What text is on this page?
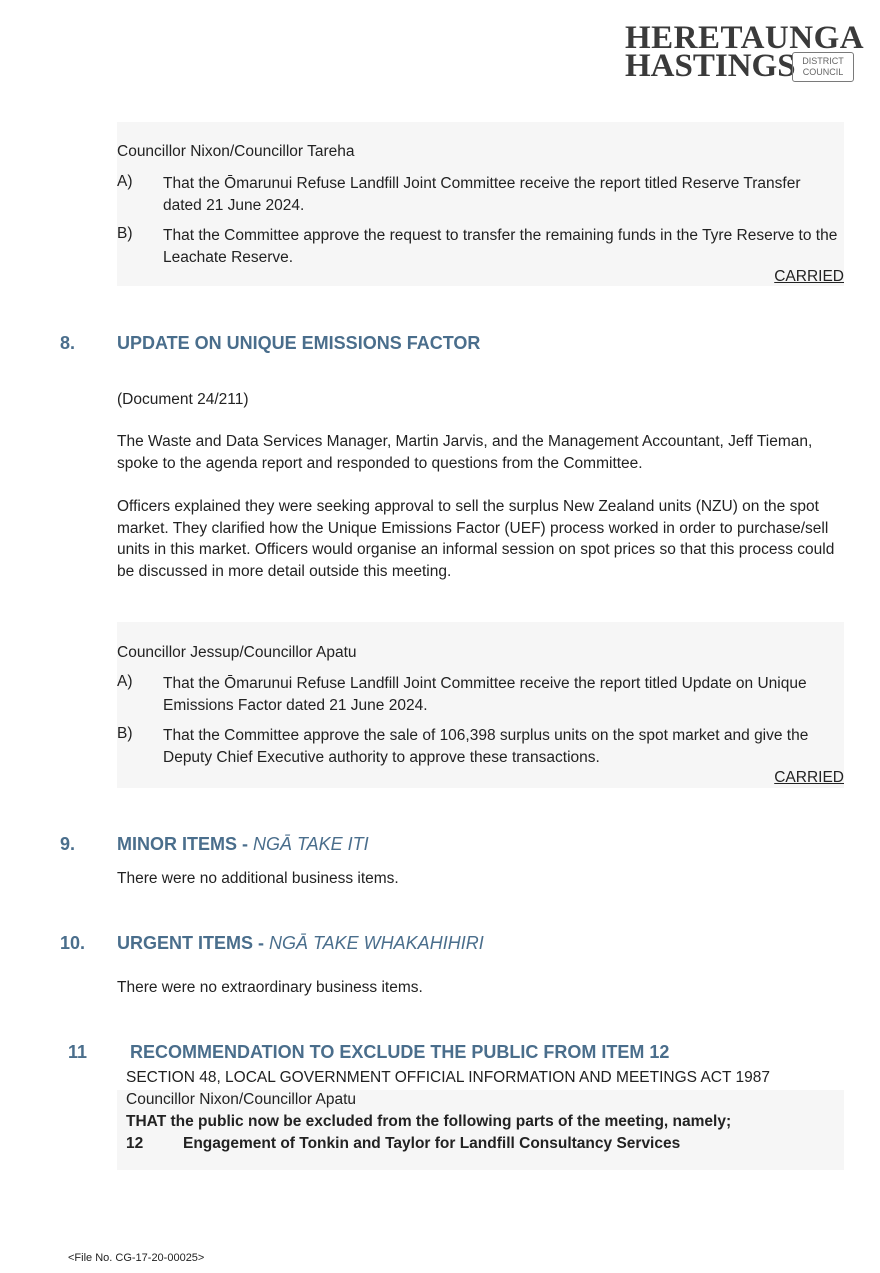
HERETAUNGA
HASTINGS DISTRICT COUNCIL
Councillor Nixon/Councillor Tareha
A) That the Ōmarunui Refuse Landfill Joint Committee receive the report titled Reserve Transfer dated 21 June 2024.
B) That the Committee approve the request to transfer the remaining funds in the Tyre Reserve to the Leachate Reserve.
CARRIED
8. UPDATE ON UNIQUE EMISSIONS FACTOR
(Document 24/211)
The Waste and Data Services Manager, Martin Jarvis, and the Management Accountant, Jeff Tieman, spoke to the agenda report and responded to questions from the Committee.
Officers explained they were seeking approval to sell the surplus New Zealand units (NZU) on the spot market. They clarified how the Unique Emissions Factor (UEF) process worked in order to purchase/sell units in this market. Officers would organise an informal session on spot prices so that this process could be discussed in more detail outside this meeting.
Councillor Jessup/Councillor Apatu
A) That the Ōmarunui Refuse Landfill Joint Committee receive the report titled Update on Unique Emissions Factor dated 21 June 2024.
B) That the Committee approve the sale of 106,398 surplus units on the spot market and give the Deputy Chief Executive authority to approve these transactions.
CARRIED
9. MINOR ITEMS - NGĀ TAKE ITI
There were no additional business items.
10. URGENT ITEMS - NGĀ TAKE WHAKAHIHIRI
There were no extraordinary business items.
11 RECOMMENDATION TO EXCLUDE THE PUBLIC FROM ITEM 12
SECTION 48, LOCAL GOVERNMENT OFFICIAL INFORMATION AND MEETINGS ACT 1987
Councillor Nixon/Councillor Apatu
THAT the public now be excluded from the following parts of the meeting, namely;
12	Engagement of Tonkin and Taylor for Landfill Consultancy Services
<File No. CG-17-20-00025>
